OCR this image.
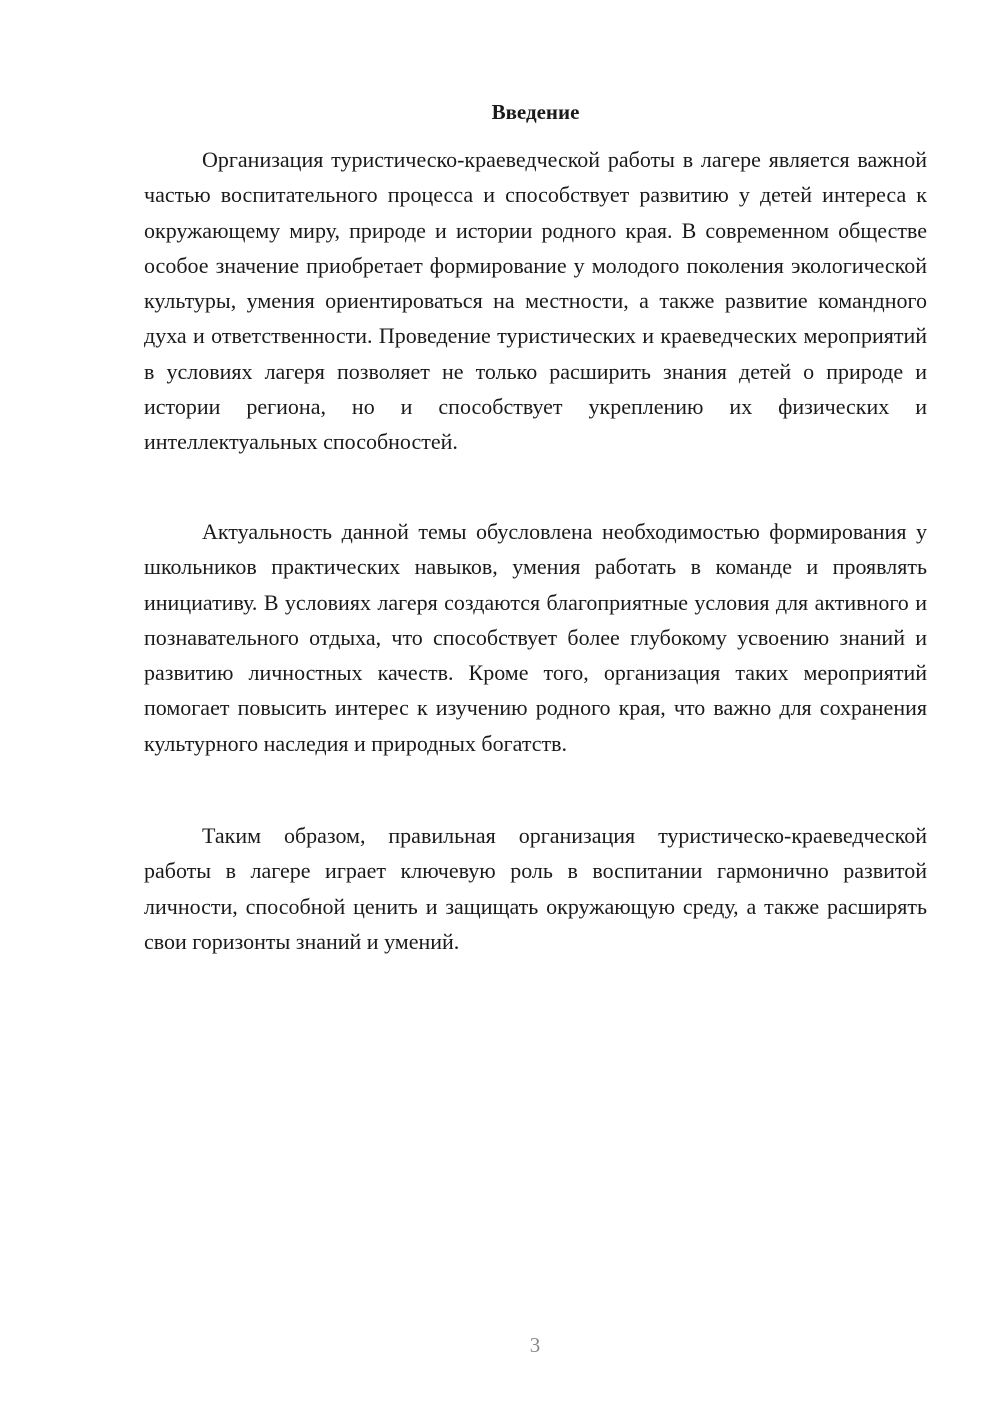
Введение

Организация туристическо-краеведческой работы в лагере является важной частью воспитательного процесса и способствует развитию у детей интереса к окружающему миру, природе и истории родного края. В современном обществе особое значение приобретает формирование у молодого поколения экологической культуры, умения ориентироваться на местности, а также развитие командного духа и ответственности. Проведение туристических и краеведческих мероприятий в условиях лагеря позволяет не только расширить знания детей о природе и истории региона, но и способствует укреплению их физических и интеллектуальных способностей.

Актуальность данной темы обусловлена необходимостью формирования у школьников практических навыков, умения работать в команде и проявлять инициативу. В условиях лагеря создаются благоприятные условия для активного и познавательного отдыха, что способствует более глубокому усвоению знаний и развитию личностных качеств. Кроме того, организация таких мероприятий помогает повысить интерес к изучению родного края, что важно для сохранения культурного наследия и природных богатств.

Таким образом, правильная организация туристическо-краеведческой работы в лагере играет ключевую роль в воспитании гармонично развитой личности, способной ценить и защищать окружающую среду, а также расширять свои горизонты знаний и умений.

3
